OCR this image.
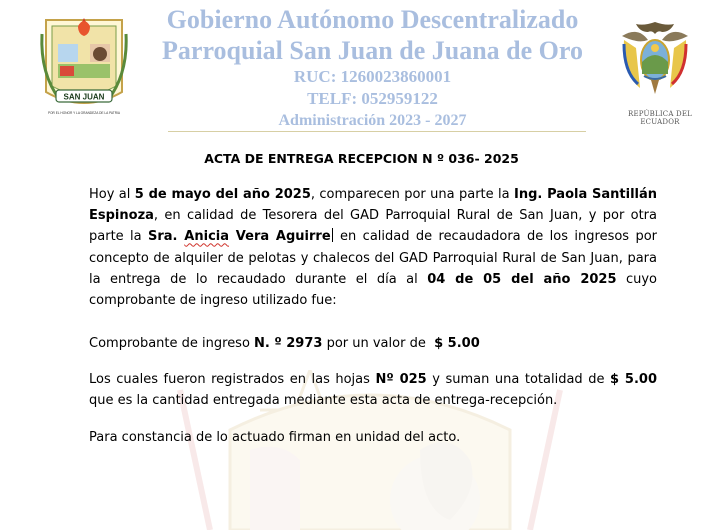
SAN JUAN
POR EL HONOR Y LA GRANDEZA DE LA PATRIA	REPÚBLICA DEL ECUADOR
Gobierno Autónomo Descentralizado
Parroquial San Juan de Juana de Oro
RUC: 1260023860001
TELF: 052959122
Administración 2023 - 2027
ACTA DE ENTREGA RECEPCION N º 036- 2025
Hoy al 5 de mayo del año 2025, comparecen por una parte la Ing. Paola Santillán Espinoza, en calidad de Tesorera del GAD Parroquial Rural de San Juan, y por otra parte la Sra. Anicia Vera Aguirre en calidad de recaudadora de los ingresos por concepto de alquiler de pelotas y chalecos del GAD Parroquial Rural de San Juan, para la entrega de lo recaudado durante el día al 04 de 05 del año 2025 cuyo comprobante de ingreso utilizado fue:
Comprobante de ingreso N. º 2973 por un valor de  $ 5.00
Los cuales fueron registrados en las hojas Nº 025 y suman una totalidad de $ 5.00 que es la cantidad entregada mediante esta acta de entrega-recepción.
Para constancia de lo actuado firman en unidad del acto.
